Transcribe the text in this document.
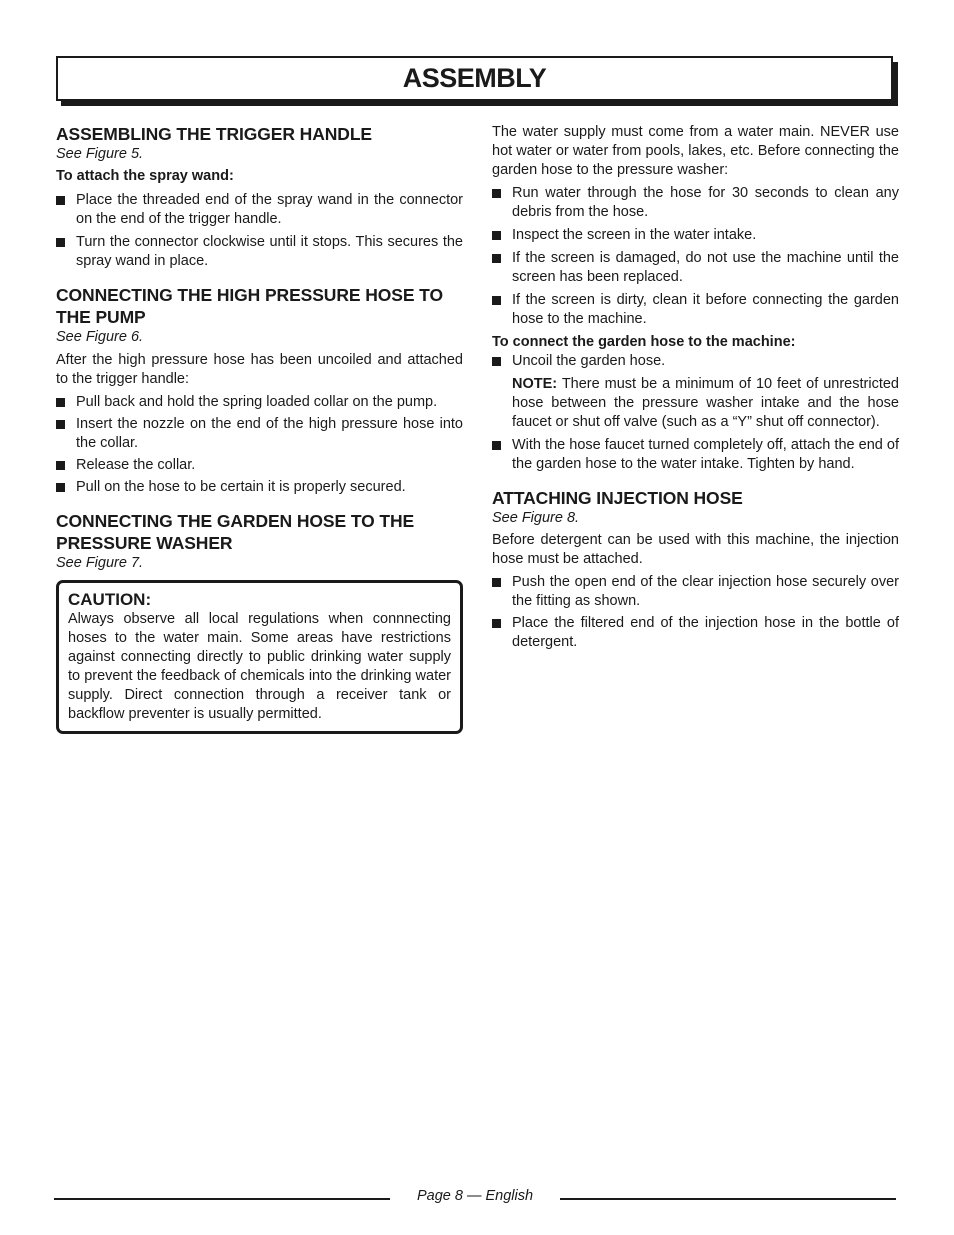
ASSEMBLY
ASSEMBLING THE TRIGGER HANDLE

See Figure 5.

To attach the spray wand:

Place the threaded end of the spray wand in the connector on the end of the trigger handle.
Turn the connector clockwise until it stops. This secures the spray wand in place.
CONNECTING THE HIGH PRESSURE HOSE TO THE PUMP

See Figure 6.

After the high pressure hose has been uncoiled and attached to the trigger handle:

Pull back and hold the spring loaded collar on the pump.
Insert the nozzle on the end of the high pressure hose into the collar.
Release the collar.
Pull on the hose to be certain it is properly secured.
CONNECTING THE GARDEN HOSE TO THE PRESSURE WASHER

See Figure 7.

CAUTION:

Always observe all local regulations when connnecting hoses to the water main. Some areas have restrictions against connecting directly to public drinking water supply to prevent the feedback of chemicals into the drinking water supply. Direct connection through a receiver tank or backflow preventer is usually permitted.

The water supply must come from a water main. NEVER use hot water or water from pools, lakes, etc. Before connecting the garden hose to the pressure washer:

Run water through the hose for 30 seconds to clean any debris from the hose.
Inspect the screen in the water intake.
If the screen is damaged, do not use the machine until the screen has been replaced.
If the screen is dirty, clean it before connecting the garden hose to the machine.

To connect the garden hose to the machine:

Uncoil the garden hose.
NOTE: There must be a minimum of 10 feet of unrestricted hose between the pressure washer intake and the hose faucet or shut off valve (such as a “Y” shut off connector).
With the hose faucet turned completely off, attach the end of the garden hose to the water intake. Tighten by hand.
ATTACHING INJECTION HOSE

See Figure 8.

Before detergent can be used with this machine, the injection hose must be attached.

Push the open end of the clear injection hose securely over the fitting as shown.
Place the filtered end of the injection hose in the bottle of detergent.
Page 8 — English
